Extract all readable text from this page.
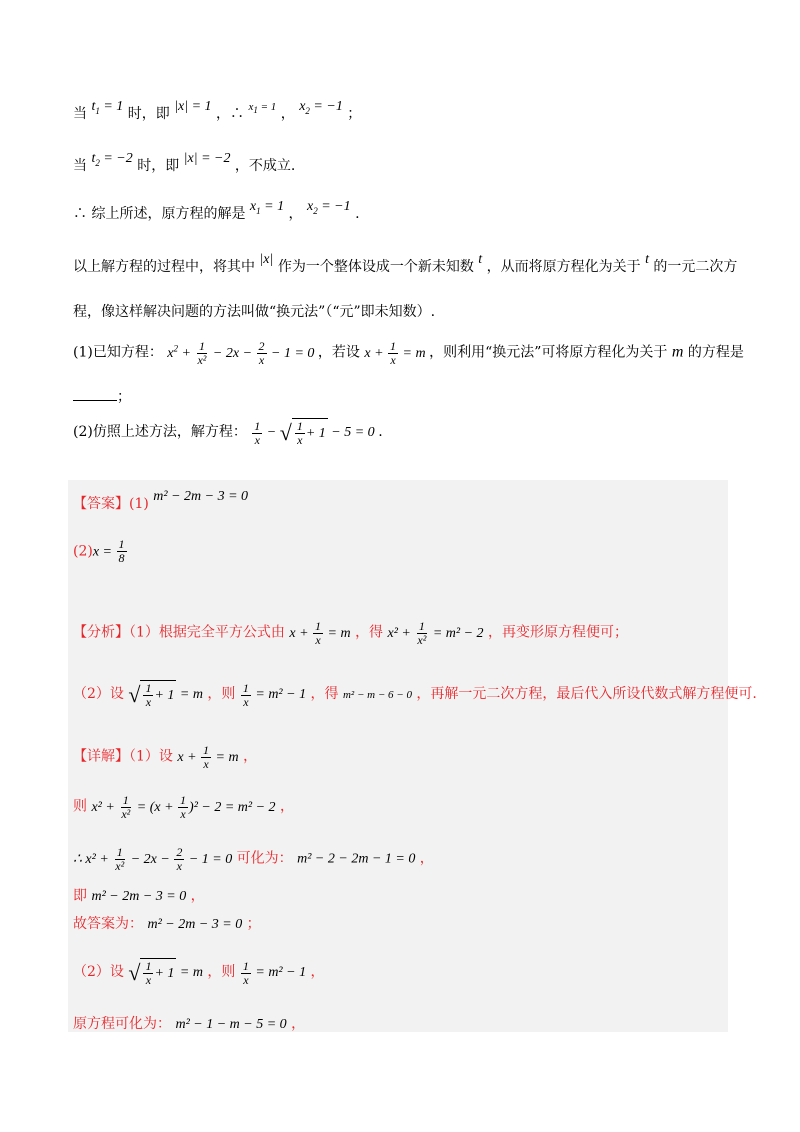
当 $t_1 = 1$ 时，即 |x| = 1 ，∴ $^{x_1 = 1}$ ， $x_2 = -1$ ；
当 $t_2 = -2$ 时，即 |x| = −2 ，不成立.
∴ 综上所述，原方程的解是 $x_1 = 1$ ， $x_2 = -1$ .
以上解方程的过程中，将其中 |x| 作为一个整体设成一个新未知数 t ，从而将原方程化为关于 t 的一元二次方
程，像这样解决问题的方法叫做“换元法”（“元”即未知数）.
(1)已知方程： $x^2 + \frac{1}{\text{x²}} - 2x - \frac{2}{x} - 1 = 0$ ，若设 $x + \frac{1}{x} = m$ ，则利用“换元法”可将原方程化为关于 m 的方程是
；
(2)仿照上述方法，解方程： $\frac{1}{x}$ − √ $\frac{1}{x} + 1 - 5 = 0$ .
【答案】(1) m² − 2m − 3 = 0
$(2)x = \frac{1}{8}$
【分析】（1）根据完全平方公式由 $x + \frac{1}{x} = m$ ，得 $x^2 + \frac{1}{\text{x²}} = m^2 - 2$ ，再变形原方程便可；
（2）设 √ $\frac{1}{x} + 1 = m$ ，则 $\frac{1}{x} = m^2 - 1$ ，得 m² − m − 6 − 0 ，再解一元二次方程，最后代入所设代数式解方程便可.
【详解】（1）设 $x + \frac{1}{x} = m$ ，
则 $x^2 + \frac{1}{\text{x²}} = (x + \frac{1}{x} )^2 - 2 = m^2 - 2$ ，
∴ $x^2 + \frac{1}{\text{x²}} - 2x - \frac{2}{x} - 1 = 0$ 可化为： m² − 2 − 2m − 1 = 0 ，
即 m² − 2m − 3 = 0 ，
故答案为： m² − 2m − 3 = 0 ；
（2）设 √ $\frac{1}{x} + 1 = m$ ，则 $\frac{1}{x} = m^2 - 1$ ，
原方程可化为： m² − 1 − m − 5 = 0 ，
